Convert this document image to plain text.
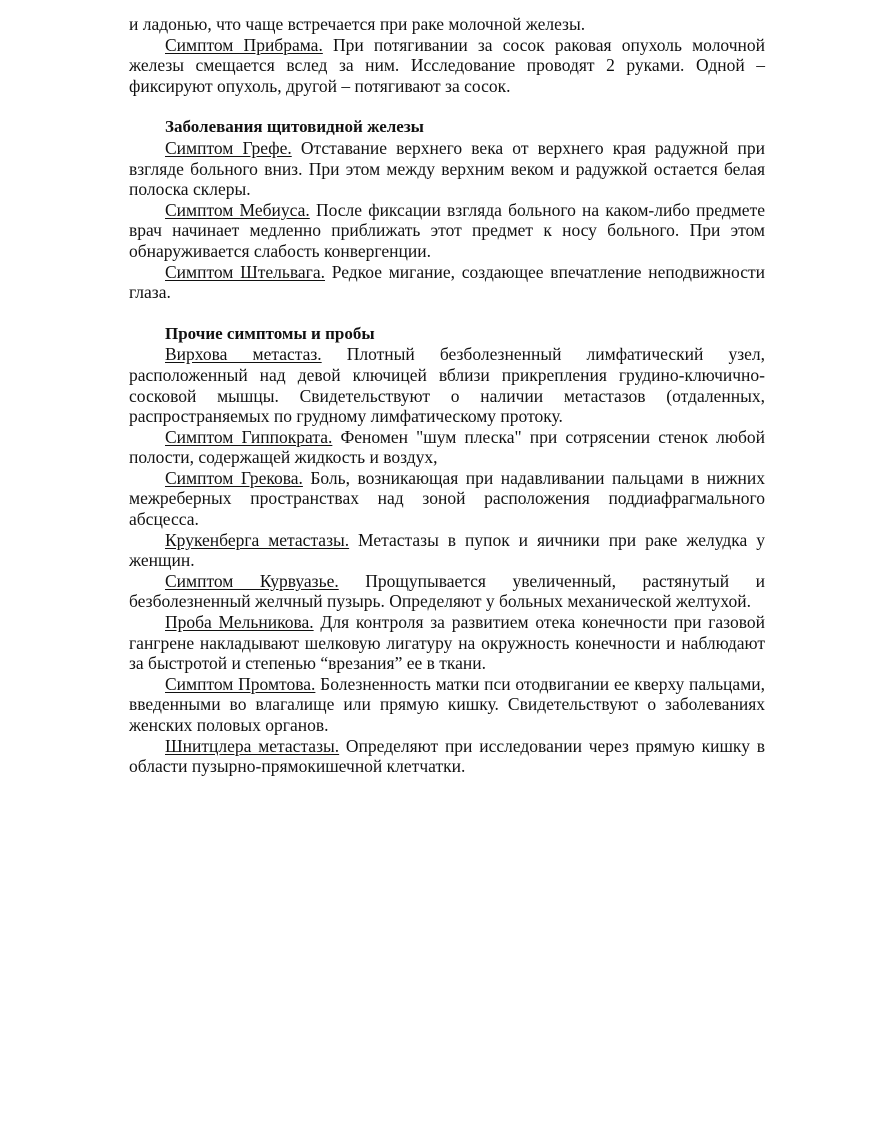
и ладонью, что чаще встречается при раке молочной железы.

Симптом Прибрама. При потягивании за сосок раковая опухоль молочной железы смещается вслед за ним. Исследование проводят 2 руками. Одной – фиксируют опухоль, другой – потягивают за сосок.

Заболевания щитовидной железы

Симптом Грефе. Отставание верхнего века от верхнего края радужной при взгляде больного вниз. При этом между верхним веком и радужкой остается белая полоска склеры.

Симптом Мебиуса. После фиксации взгляда больного на каком-либо предмете врач начинает медленно приближать этот предмет к носу больного. При этом обнаруживается слабость конвергенции.

Симптом Штельвага. Редкое мигание, создающее впечатление неподвижности глаза.

Прочие симптомы и пробы

Вирхова метастаз. Плотный безболезненный лимфатический узел, расположенный над девой ключицей вблизи прикрепления грудино-ключично-сосковой мышцы. Свидетельствуют о наличии метастазов (отдаленных, распространяемых по грудному лимфатическому протоку.

Симптом Гиппократа. Феномен "шум плеска" при сотрясении стенок любой полости, содержащей жидкость и воздух,

Симптом Грекова. Боль, возникающая при надавливании пальцами в нижних межреберных пространствах над зоной расположения поддиафрагмального абсцесса.

Крукенберга метастазы. Метастазы в пупок и яичники при раке желудка у женщин.

Симптом Курвуазье. Прощупывается увеличенный, растянутый и безболезненный желчный пузырь. Определяют у больных механической желтухой.

Проба Мельникова. Для контроля за развитием отека конечности при газовой гангрене накладывают шелковую лигатуру на окружность конечности и наблюдают за быстротой и степенью “врезания” ее в ткани.

Симптом Промтова. Болезненность матки пси отодвигании ее кверху пальцами, введенными во влагалище или прямую кишку. Свидетельствуют о заболеваниях женских половых органов.

Шнитцлера метастазы. Определяют при исследовании через прямую кишку в области пузырно-прямокишечной клетчатки.
